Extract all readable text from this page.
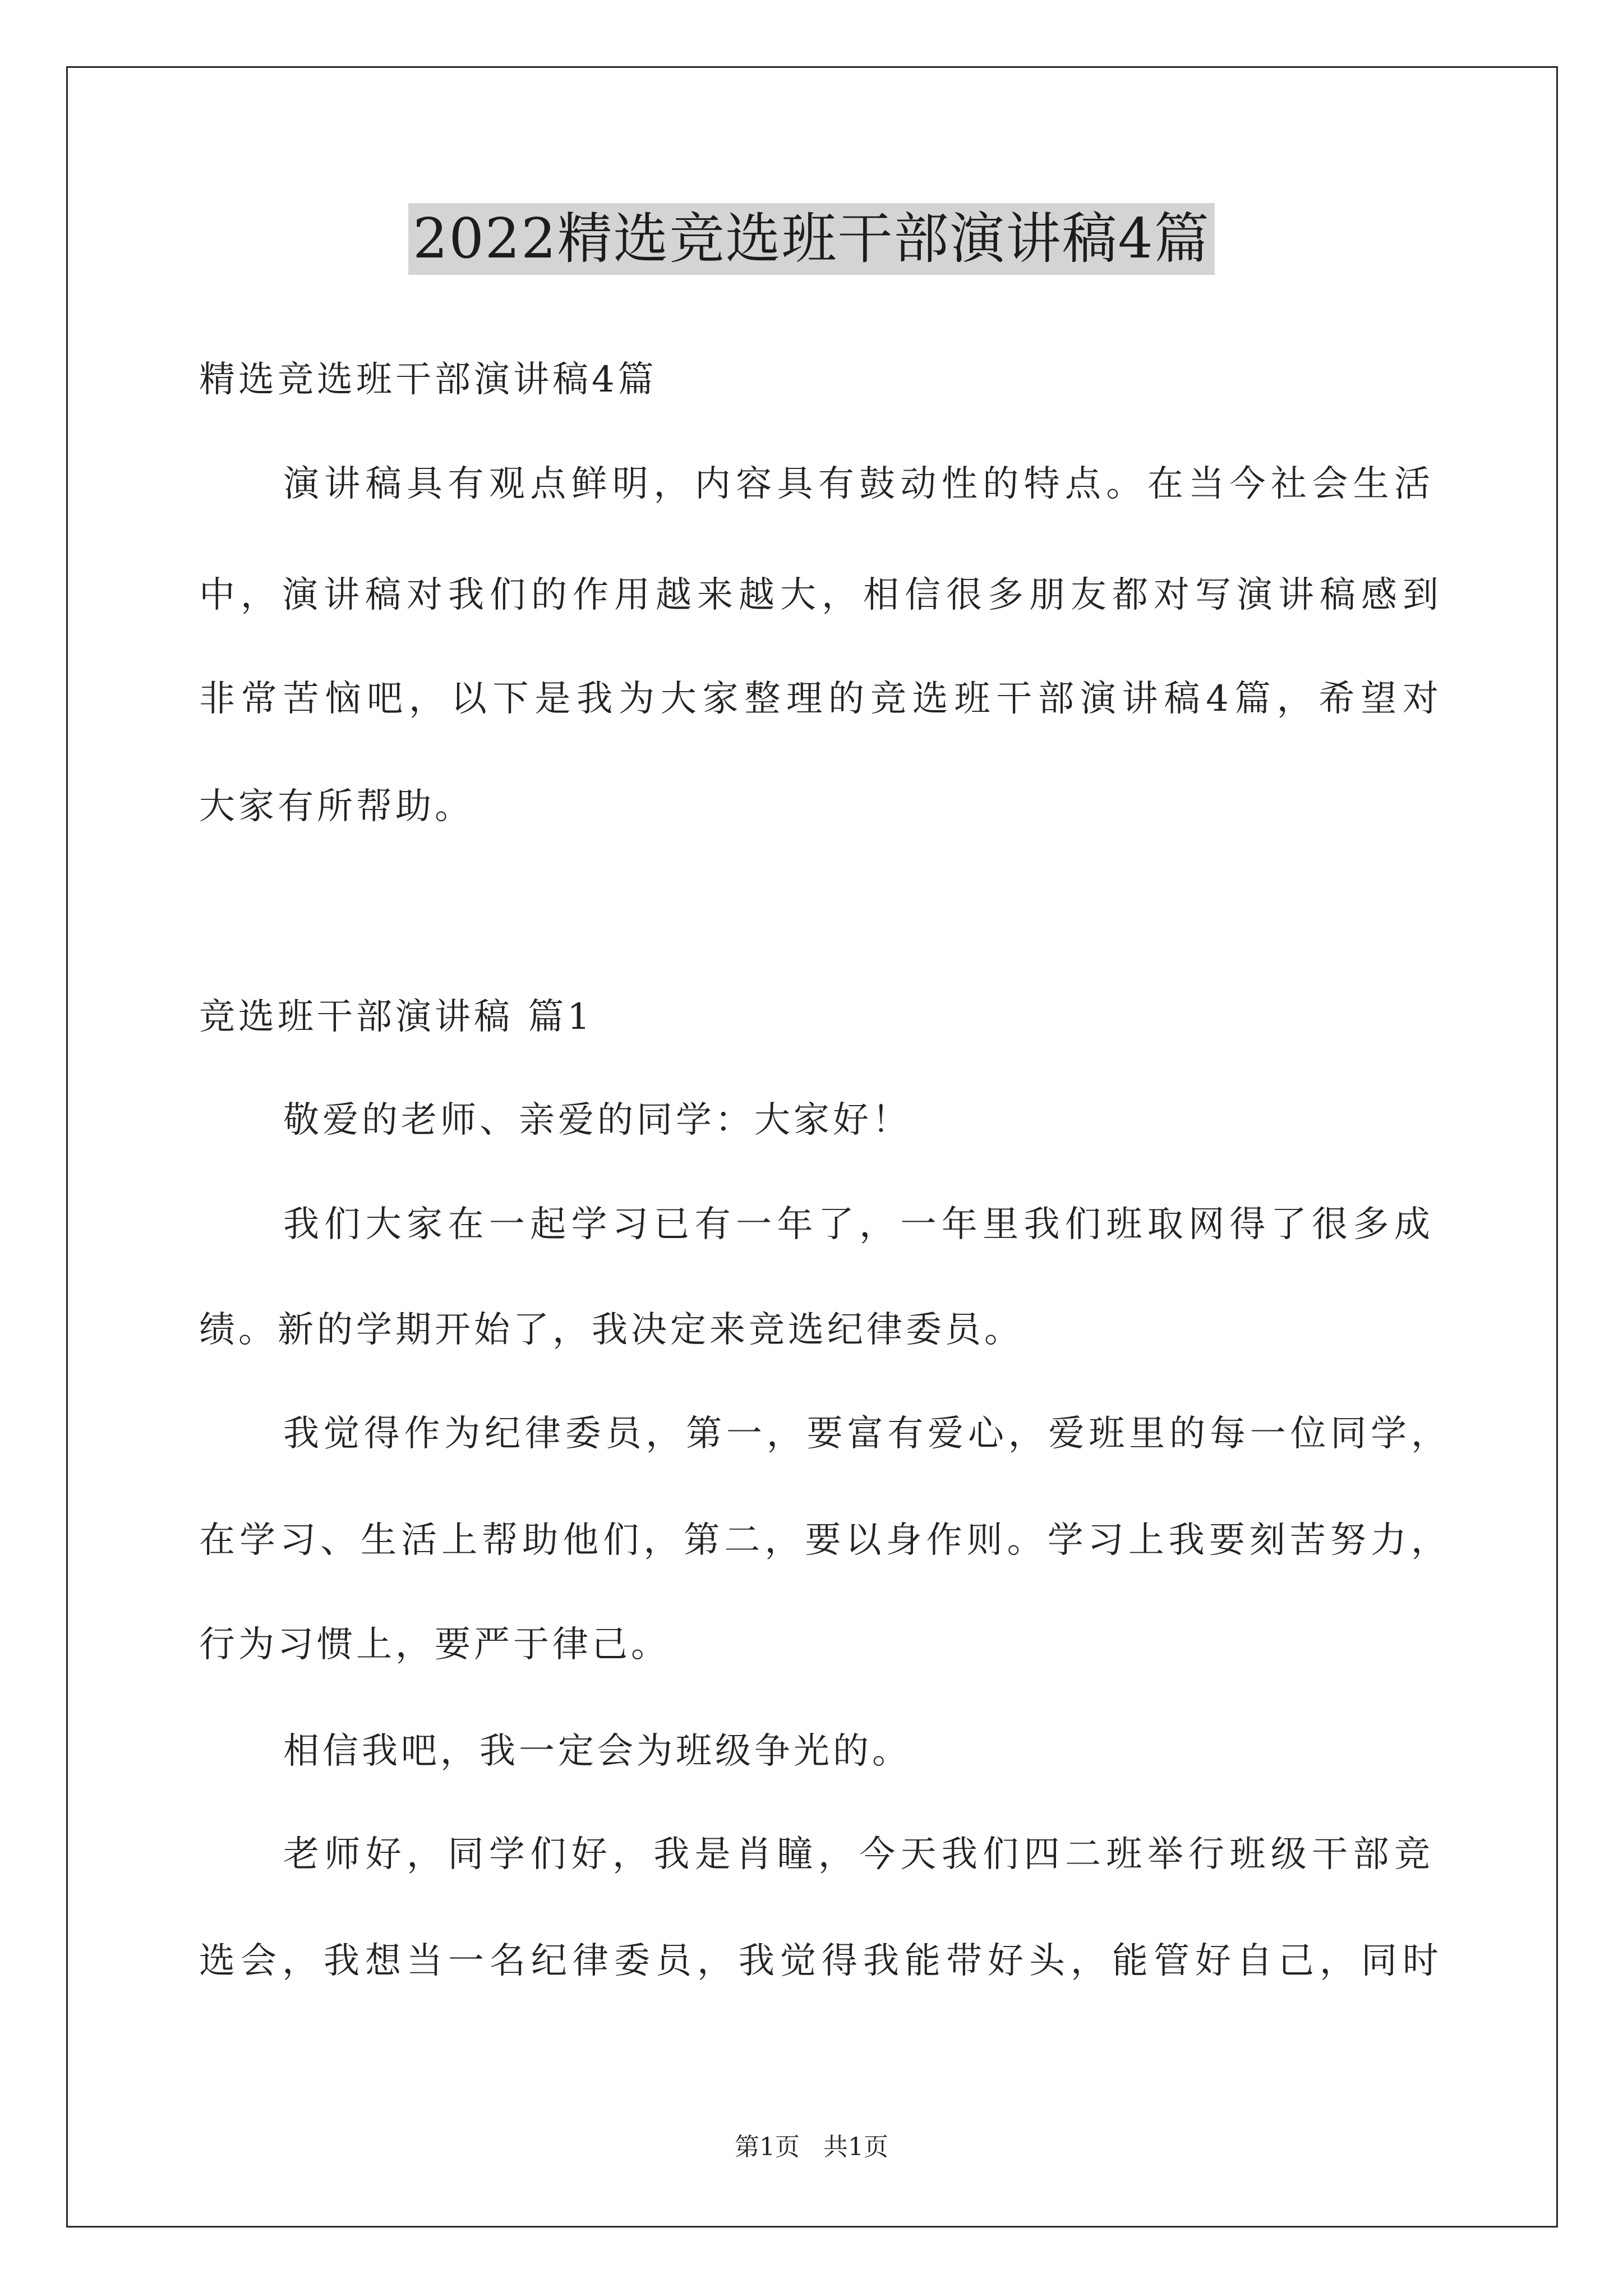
2022精选竞选班干部演讲稿4篇
精选竞选班干部演讲稿4篇
演讲稿具有观点鲜明，内容具有鼓动性的特点。在当今社会生活
中，演讲稿对我们的作用越来越大，相信很多朋友都对写演讲稿感到
非常苦恼吧，以下是我为大家整理的竞选班干部演讲稿4篇，希望对
大家有所帮助。
竞选班干部演讲稿 篇1
敬爱的老师、亲爱的同学：大家好！
我们大家在一起学习已有一年了，一年里我们班取网得了很多成
绩。新的学期开始了，我决定来竞选纪律委员。
我觉得作为纪律委员，第一，要富有爱心，爱班里的每一位同学，
在学习、生活上帮助他们，第二，要以身作则。学习上我要刻苦努力，
行为习惯上，要严于律己。
相信我吧，我一定会为班级争光的。
老师好，同学们好，我是肖瞳，今天我们四二班举行班级干部竞
选会，我想当一名纪律委员，我觉得我能带好头，能管好自己，同时
第1页 共1页
